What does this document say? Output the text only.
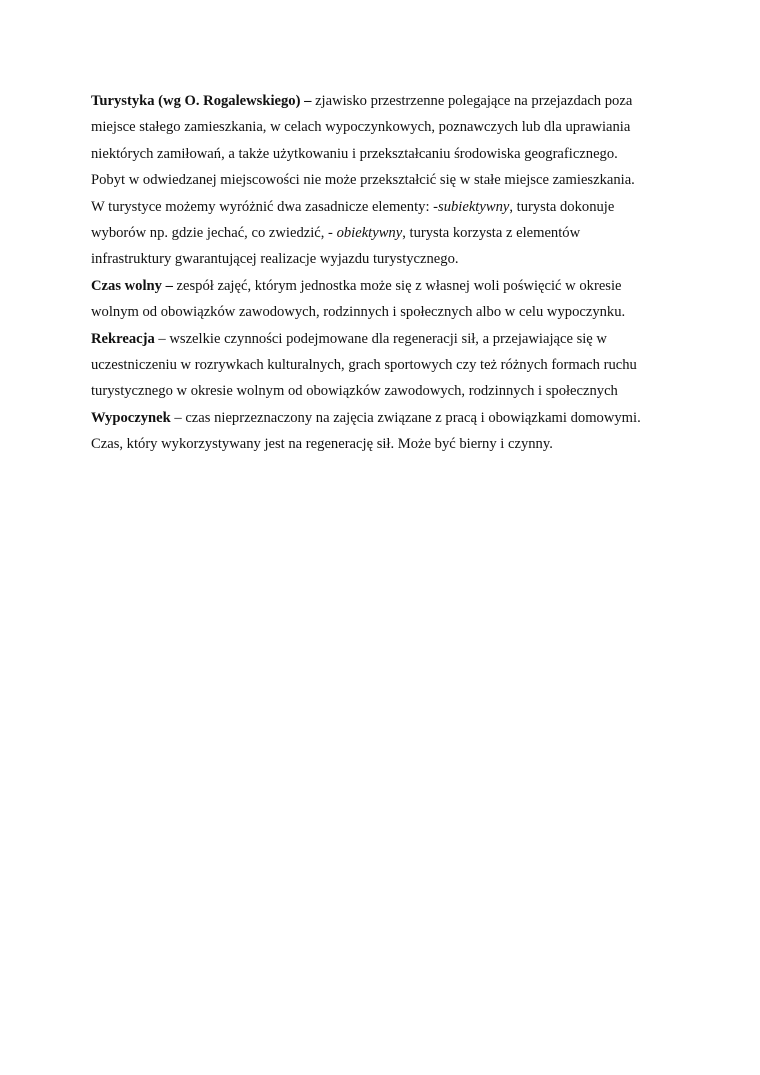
Turystyka (wg O. Rogalewskiego) – zjawisko przestrzenne polegające na przejazdach poza
miejsce stałego zamieszkania, w celach wypoczynkowych, poznawczych lub dla uprawiania
niektórych zamiłowań, a także użytkowaniu i przekształcaniu środowiska geograficznego.
Pobyt w odwiedzanej miejscowości nie może przekształcić się w stałe miejsce zamieszkania.
W turystyce możemy wyróżnić dwa zasadnicze elementy: -subiektywny, turysta dokonuje
wyborów np. gdzie jechać, co zwiedzić, - obiektywny, turysta korzysta z elementów
infrastruktury gwarantującej realizacje wyjazdu turystycznego.
Czas wolny – zespół zajęć, którym jednostka może się z własnej woli poświęcić w okresie
wolnym od obowiązków zawodowych, rodzinnych i społecznych albo w celu wypoczynku.
Rekreacja – wszelkie czynności podejmowane dla regeneracji sił, a przejawiające się w
uczestniczeniu w rozrywkach kulturalnych, grach sportowych czy też różnych formach ruchu
turystycznego w okresie wolnym od obowiązków zawodowych, rodzinnych i społecznych
Wypoczynek – czas nieprzeznaczony na zajęcia związane z pracą i obowiązkami domowymi.
Czas, który wykorzystywany jest na regenerację sił. Może być bierny i czynny.
